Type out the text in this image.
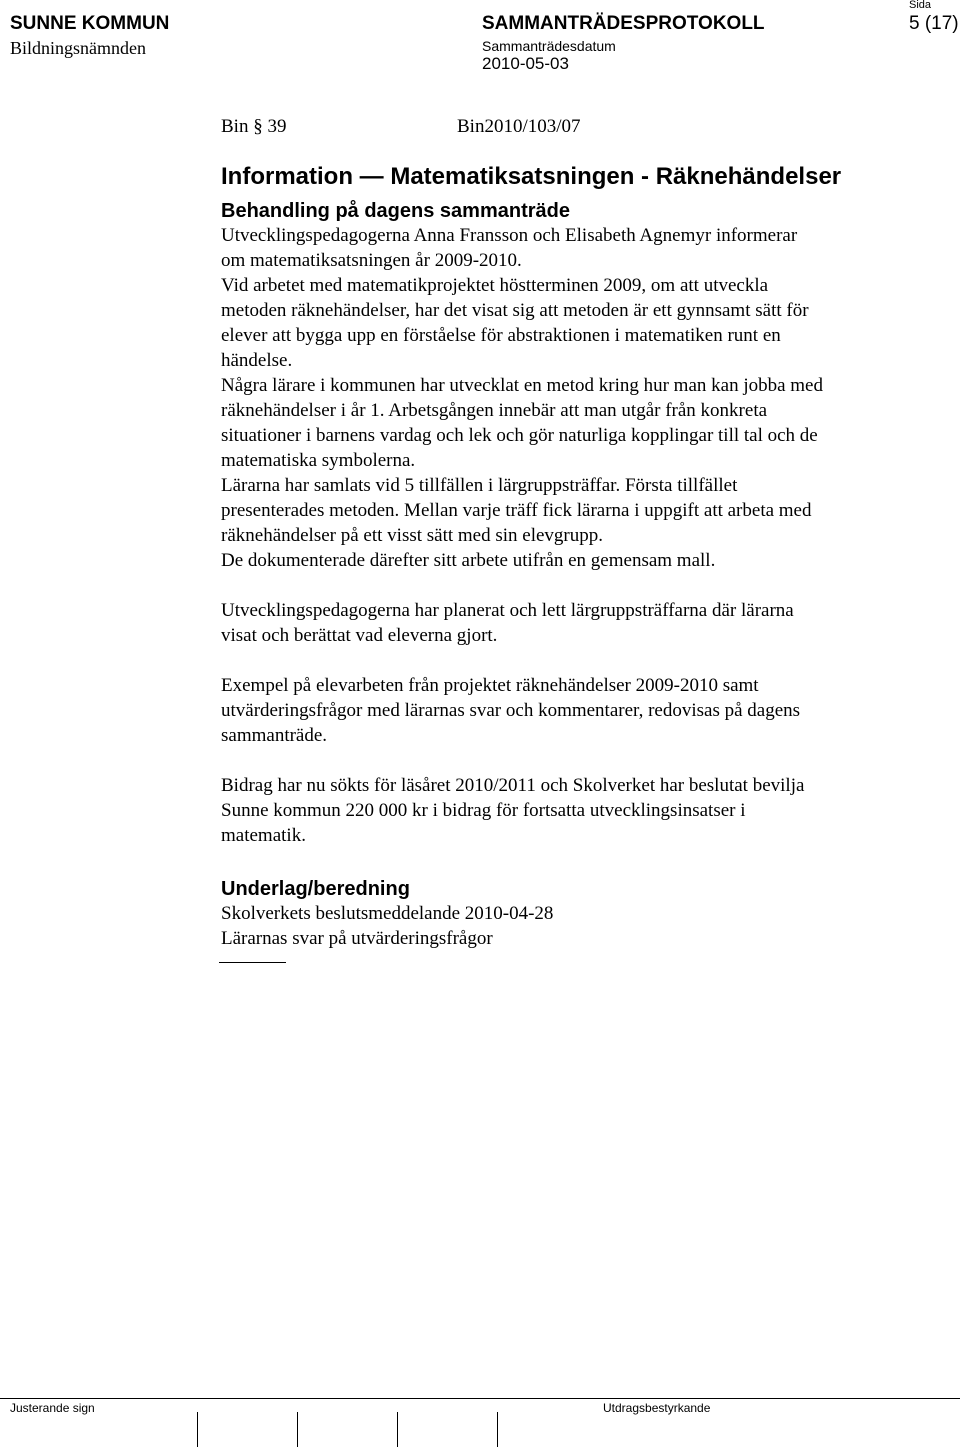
SUNNE KOMMUN
Bildningsnämnden
SAMMANTRÄDESPROTOKOLL
Sammanträdesdatum
2010-05-03
Sida
5 (17)
Bin § 39	Bin2010/103/07
Information — Matematiksatsningen - Räknehändelser
Behandling på dagens sammanträde
Utvecklingspedagogerna Anna Fransson och Elisabeth Agnemyr informerar
om matematiksatsningen år 2009-2010.
Vid arbetet med matematikprojektet höstterminen 2009, om att utveckla
metoden räknehändelser, har det visat sig att metoden är ett gynnsamt sätt för
elever att bygga upp en förståelse för abstraktionen i matematiken runt en
händelse.
Några lärare i kommunen har utvecklat en metod kring hur man kan jobba med
räknehändelser i år 1. Arbetsgången innebär att man utgår från konkreta
situationer i barnens vardag och lek och gör naturliga kopplingar till tal och de
matematiska symbolerna.
Lärarna har samlats vid 5 tillfällen i lärgruppsträffar. Första tillfället
presenterades metoden. Mellan varje träff fick lärarna i uppgift att arbeta med
räknehändelser på ett visst sätt med sin elevgrupp.
De dokumenterade därefter sitt arbete utifrån en gemensam mall.
Utvecklingspedagogerna har planerat och lett lärgruppsträffarna där lärarna
visat och berättat vad eleverna gjort.
Exempel på elevarbeten från projektet räknehändelser 2009-2010 samt
utvärderingsfrågor med lärarnas svar och kommentarer, redovisas på dagens
sammanträde.
Bidrag har nu sökts för läsåret 2010/2011 och Skolverket har beslutat bevilja
Sunne kommun 220 000 kr i bidrag för fortsatta utvecklingsinsatser i
matematik.
Underlag/beredning
Skolverkets beslutsmeddelande 2010-04-28
Lärarnas svar på utvärderingsfrågor
Justerande sign	Utdragsbestyrkande
